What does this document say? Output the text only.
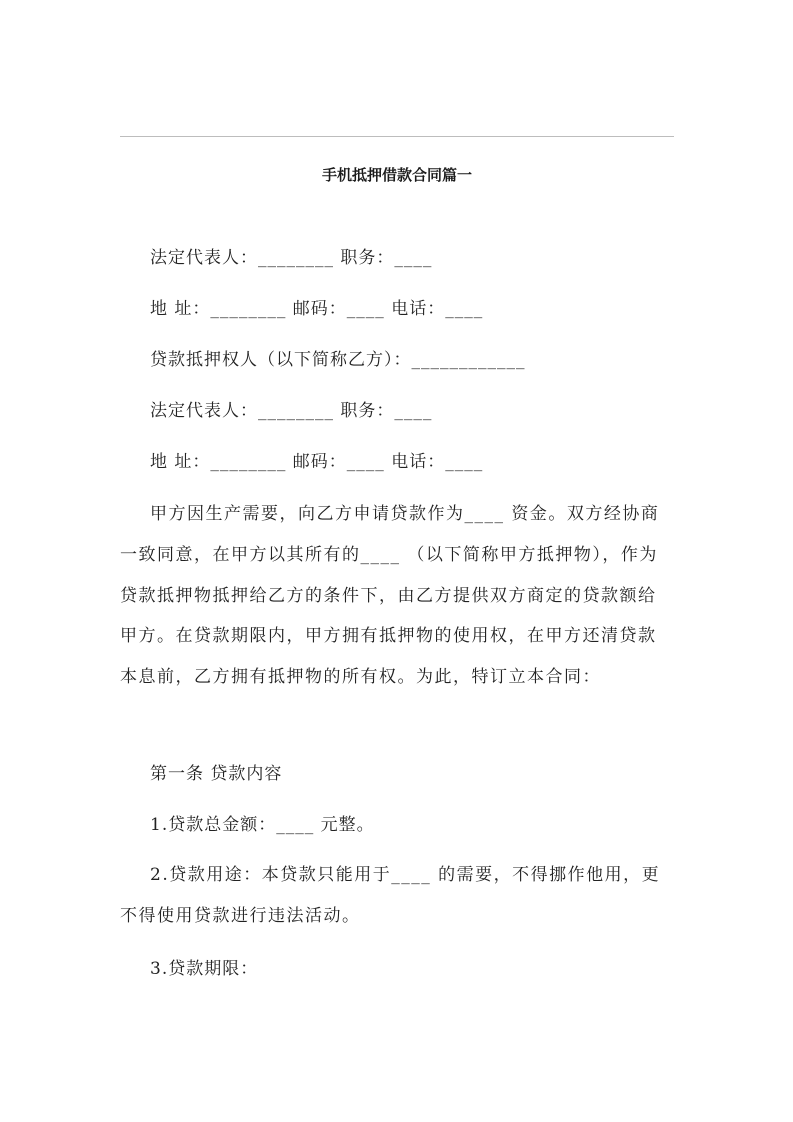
手机抵押借款合同篇一
法定代表人：________ 职务：____
地 址：________ 邮码：____ 电话：____
贷款抵押权人（以下简称乙方）：____________
法定代表人：________ 职务：____
地 址：________ 邮码：____ 电话：____
甲方因生产需要，向乙方申请贷款作为____ 资金。双方经协商一致同意，在甲方以其所有的____ （以下简称甲方抵押物），作为贷款抵押物抵押给乙方的条件下，由乙方提供双方商定的贷款额给甲方。在贷款期限内，甲方拥有抵押物的使用权，在甲方还清贷款本息前，乙方拥有抵押物的所有权。为此，特订立本合同：
第一条 贷款内容
1.贷款总金额：____ 元整。
2.贷款用途：本贷款只能用于____ 的需要，不得挪作他用，更不得使用贷款进行违法活动。
3.贷款期限：
